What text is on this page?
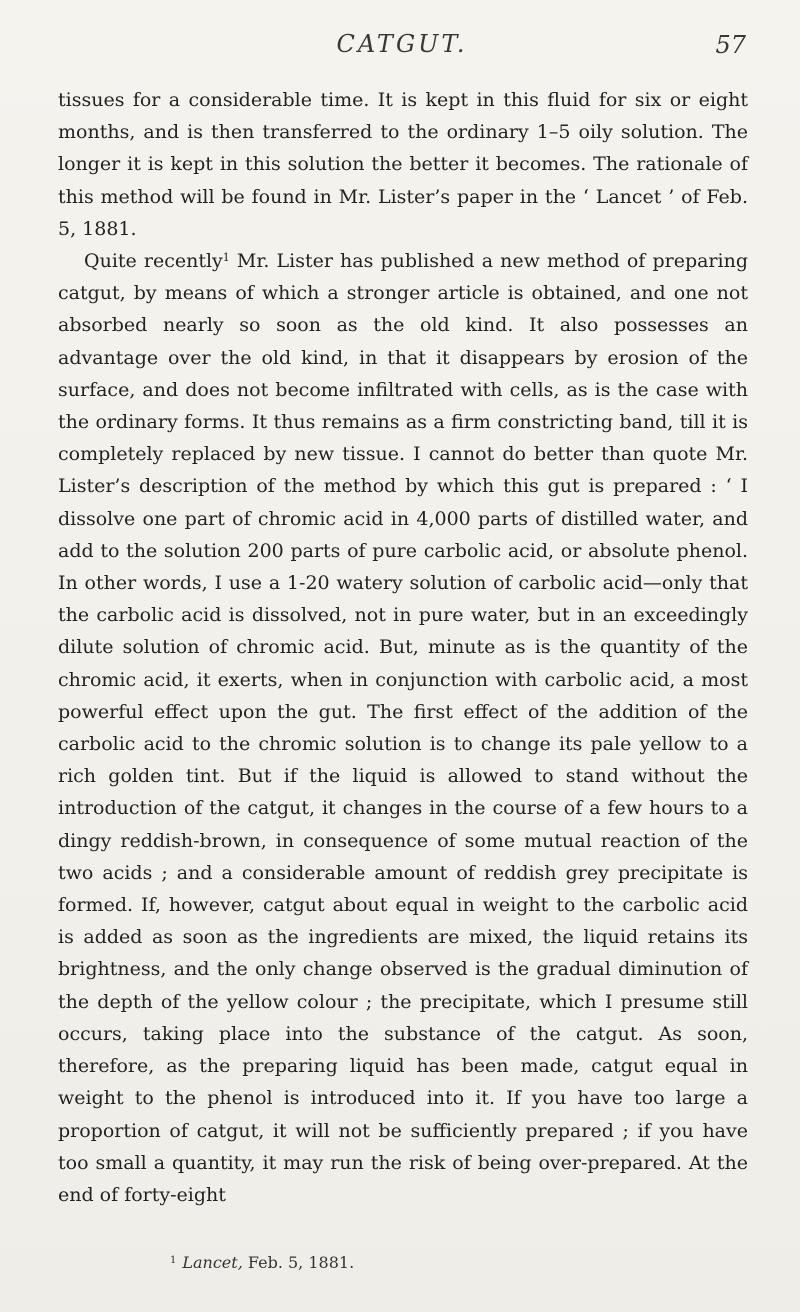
CATGUT.	57

tissues for a considerable time. It is kept in this fluid for six or eight months, and is then transferred to the ordinary 1–5 oily solution. The longer it is kept in this solution the better it becomes. The rationale of this method will be found in Mr. Lister’s paper in the ‘ Lancet ’ of Feb. 5, 1881.

Quite recently$^1$ Mr. Lister has published a new method of preparing catgut, by means of which a stronger article is obtained, and one not absorbed nearly so soon as the old kind. It also possesses an advantage over the old kind, in that it disappears by erosion of the surface, and does not become infiltrated with cells, as is the case with the ordinary forms. It thus remains as a firm constricting band, till it is completely replaced by new tissue. I cannot do better than quote Mr. Lister’s description of the method by which this gut is prepared : ‘ I dissolve one part of chromic acid in 4,000 parts of distilled water, and add to the solution 200 parts of pure carbolic acid, or absolute phenol. In other words, I use a 1-20 watery solution of carbolic acid—only that the carbolic acid is dissolved, not in pure water, but in an exceedingly dilute solution of chromic acid. But, minute as is the quantity of the chromic acid, it exerts, when in conjunction with carbolic acid, a most powerful effect upon the gut. The first effect of the addition of the carbolic acid to the chromic solution is to change its pale yellow to a rich golden tint. But if the liquid is allowed to stand without the introduction of the catgut, it changes in the course of a few hours to a dingy reddish-brown, in consequence of some mutual reaction of the two acids ; and a considerable amount of reddish grey precipitate is formed. If, however, catgut about equal in weight to the carbolic acid is added as soon as the ingredients are mixed, the liquid retains its brightness, and the only change observed is the gradual diminution of the depth of the yellow colour ; the precipitate, which I presume still occurs, taking place into the substance of the catgut. As soon, therefore, as the preparing liquid has been made, catgut equal in weight to the phenol is introduced into it. If you have too large a proportion of catgut, it will not be sufficiently prepared ; if you have too small a quantity, it may run the risk of being over-prepared. At the end of forty-eight

$^1$ Lancet, Feb. 5, 1881.
